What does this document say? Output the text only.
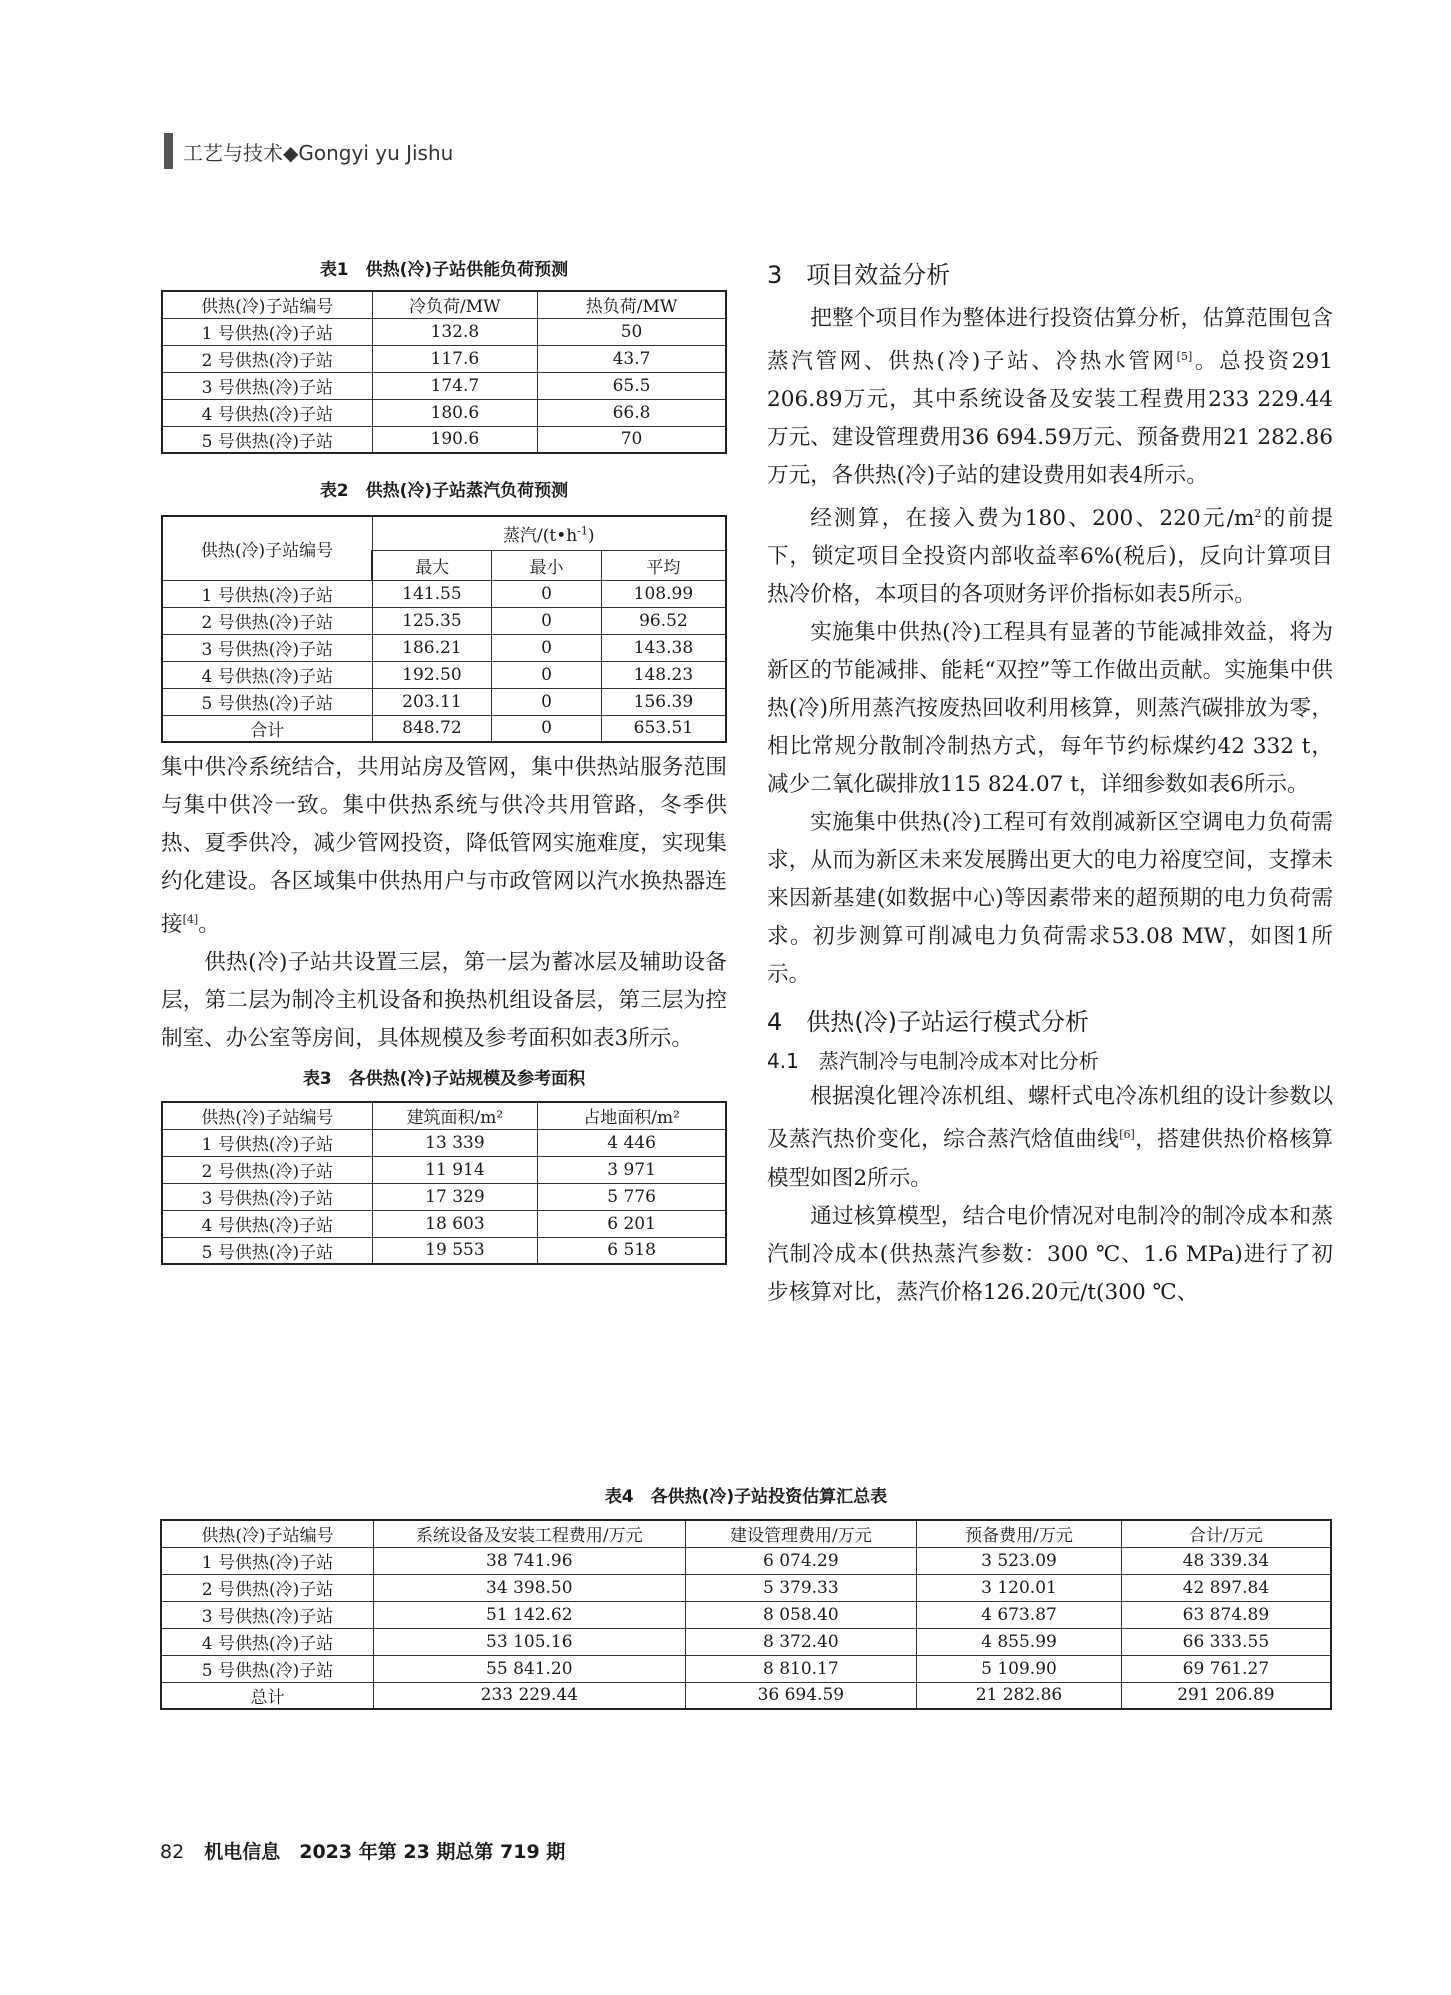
工艺与技术◆Gongyi yu Jishu

表1　供热(冷)子站供能负荷预测

供热(冷)子站编号	冷负荷/MW	热负荷/MW
1 号供热(冷)子站	132.8	50
2 号供热(冷)子站	117.6	43.7
3 号供热(冷)子站	174.7	65.5
4 号供热(冷)子站	180.6	66.8
5 号供热(冷)子站	190.6	70

表2　供热(冷)子站蒸汽负荷预测

供热(冷)子站编号	蒸汽$/(t•h^{-1})$		
	最大	最小	平均
1 号供热(冷)子站	141.55	0	108.99
2 号供热(冷)子站	125.35	0	96.52
3 号供热(冷)子站	186.21	0	143.38
4 号供热(冷)子站	192.50	0	148.23
5 号供热(冷)子站	203.11	0	156.39
合计	848.72	0	653.51

集中供冷系统结合，共用站房及管网，集中供热站服务范围与集中供冷一致。集中供热系统与供冷共用管路，冬季供热、夏季供冷，减少管网投资，降低管网实施难度，实现集约化建设。各区域集中供热用户与市政管网以汽水换热器连接[4]。

供热(冷)子站共设置三层，第一层为蓄冰层及辅助设备层，第二层为制冷主机设备和换热机组设备层，第三层为控制室、办公室等房间，具体规模及参考面积如表3所示。

表3　各供热(冷)子站规模及参考面积

供热(冷)子站编号	建筑面积/m²	占地面积/m²
1 号供热(冷)子站	13 339	4 446
2 号供热(冷)子站	11 914	3 971
3 号供热(冷)子站	17 329	5 776
4 号供热(冷)子站	18 603	6 201
5 号供热(冷)子站	19 553	6 518

3　项目效益分析

把整个项目作为整体进行投资估算分析，估算范围包含蒸汽管网、供热(冷)子站、冷热水管网[5]。总投资291 206.89万元，其中系统设备及安装工程费用233 229.44万元、建设管理费用36 694.59万元、预备费用21 282.86万元，各供热(冷)子站的建设费用如表4所示。

经测算，在接入费为180、200、220元$/m^2$的前提下，锁定项目全投资内部收益率6%(税后)，反向计算项目热冷价格，本项目的各项财务评价指标如表5所示。

实施集中供热(冷)工程具有显著的节能减排效益，将为新区的节能减排、能耗“双控”等工作做出贡献。实施集中供热(冷)所用蒸汽按废热回收利用核算，则蒸汽碳排放为零，相比常规分散制冷制热方式，每年节约标煤约42 332 t，减少二氧化碳排放115 824.07 t，详细参数如表6所示。

实施集中供热(冷)工程可有效削减新区空调电力负荷需求，从而为新区未来发展腾出更大的电力裕度空间，支撑未来因新基建(如数据中心)等因素带来的超预期的电力负荷需求。初步测算可削减电力负荷需求53.08 MW，如图1所示。

4　供热(冷)子站运行模式分析

4.1　蒸汽制冷与电制冷成本对比分析

根据溴化锂冷冻机组、螺杆式电冷冻机组的设计参数以及蒸汽热价变化，综合蒸汽焓值曲线[6]，搭建供热价格核算模型如图2所示。

通过核算模型，结合电价情况对电制冷的制冷成本和蒸汽制冷成本(供热蒸汽参数：300 ℃、1.6 MPa)进行了初步核算对比，蒸汽价格126.20元/t(300 ℃、

表4　各供热(冷)子站投资估算汇总表

供热(冷)子站编号	系统设备及安装工程费用/万元	建设管理费用/万元	预备费用/万元	合计/万元
1 号供热(冷)子站	38 741.96	6 074.29	3 523.09	48 339.34
2 号供热(冷)子站	34 398.50	5 379.33	3 120.01	42 897.84
3 号供热(冷)子站	51 142.62	8 058.40	4 673.87	63 874.89
4 号供热(冷)子站	53 105.16	8 372.40	4 855.99	66 333.55
5 号供热(冷)子站	55 841.20	8 810.17	5 109.90	69 761.27
总计	233 229.44	36 694.59	21 282.86	291 206.89
82 机电信息　2023 年第 23 期总第 719 期
